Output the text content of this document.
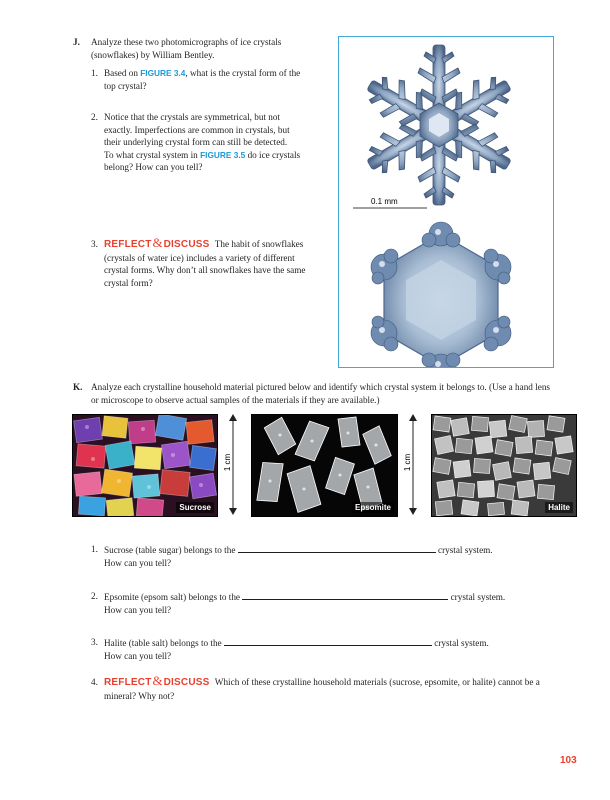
J. Analyze these two photomicrographs of ice crystals
(snowflakes) by William Bentley.
1. Based on FIGURE 3.4, what is the crystal form of the
top crystal?
2. Notice that the crystals are symmetrical, but not
exactly. Imperfections are common in crystals, but
their underlying crystal form can still be detected.
To what crystal system in FIGURE 3.5 do ice crystals
belong? How can you tell?
3. REFLECT&DISCUSS The habit of snowflakes
(crystals of water ice) includes a variety of different
crystal forms. Why don’t all snowflakes have the same
crystal form?
0.1 mm
K. Analyze each crystalline household material pictured below and identify which crystal system it belongs to. (Use a hand lens
or microscope to observe actual samples of the materials if they are available.)
Sucrose
1 cm
Epsomite
1 cm
Halite
1. Sucrose (table sugar) belongs to the	crystal system.
How can you tell?
2. Epsomite (epsom salt) belongs to the	crystal system.
How can you tell?
3. Halite (table salt) belongs to the	crystal system.
How can you tell?
4. REFLECT&DISCUSS Which of these crystalline household materials (sucrose, epsomite, or halite) cannot be a
mineral? Why not?
103
